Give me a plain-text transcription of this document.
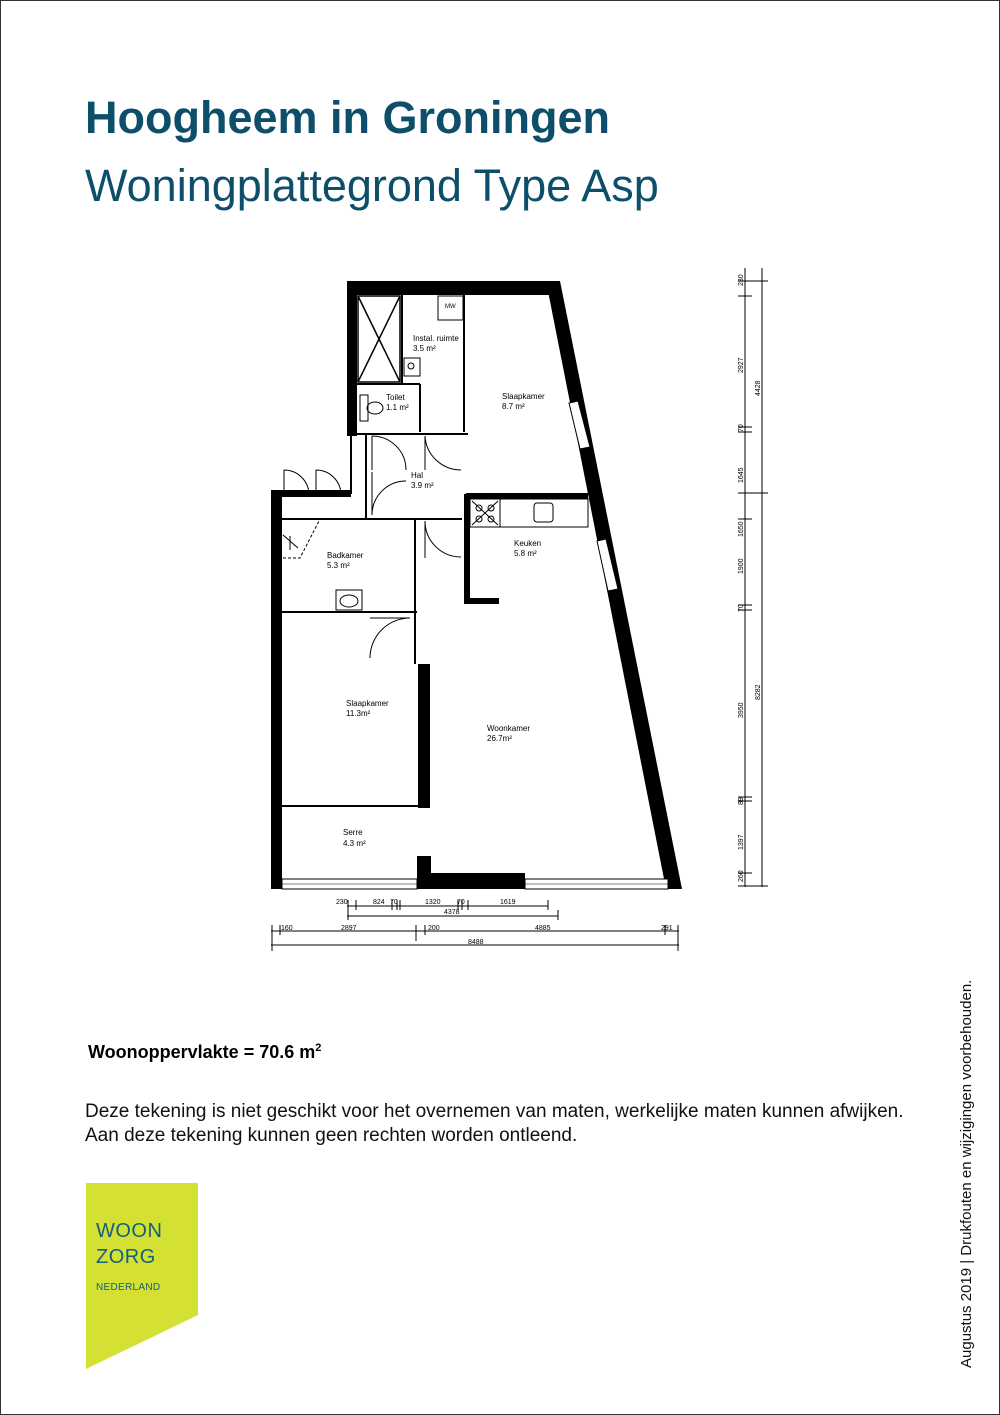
Hoogheem in Groningen
Woningplattegrond Type Asp
MW
Instal. ruimte
3.5 m²
Toilet
1.1 m²
Slaapkamer
8.7 m²
Hal
3.9 m²
Keuken
5.8 m²
Badkamer
5.3 m²
Slaapkamer
11.3m²
Woonkamer
26.7m²
Serre
4.3 m²
230
2927
4428
70
1645
1650
1900
70
3950
8282
89
1397
260
230	824 70	1320 70	1619
4378
160	2897	200	4885	291
8488
Woonoppervlakte = 70.6 $m^2$
Deze tekening is niet geschikt voor het overnemen van maten, werkelijke maten kunnen afwijken. Aan deze tekening kunnen geen rechten worden ontleend.	Augustus 2019 | Drukfouten en wijzigingen voorbehouden.
WOON
ZORG
NEDERLAND
